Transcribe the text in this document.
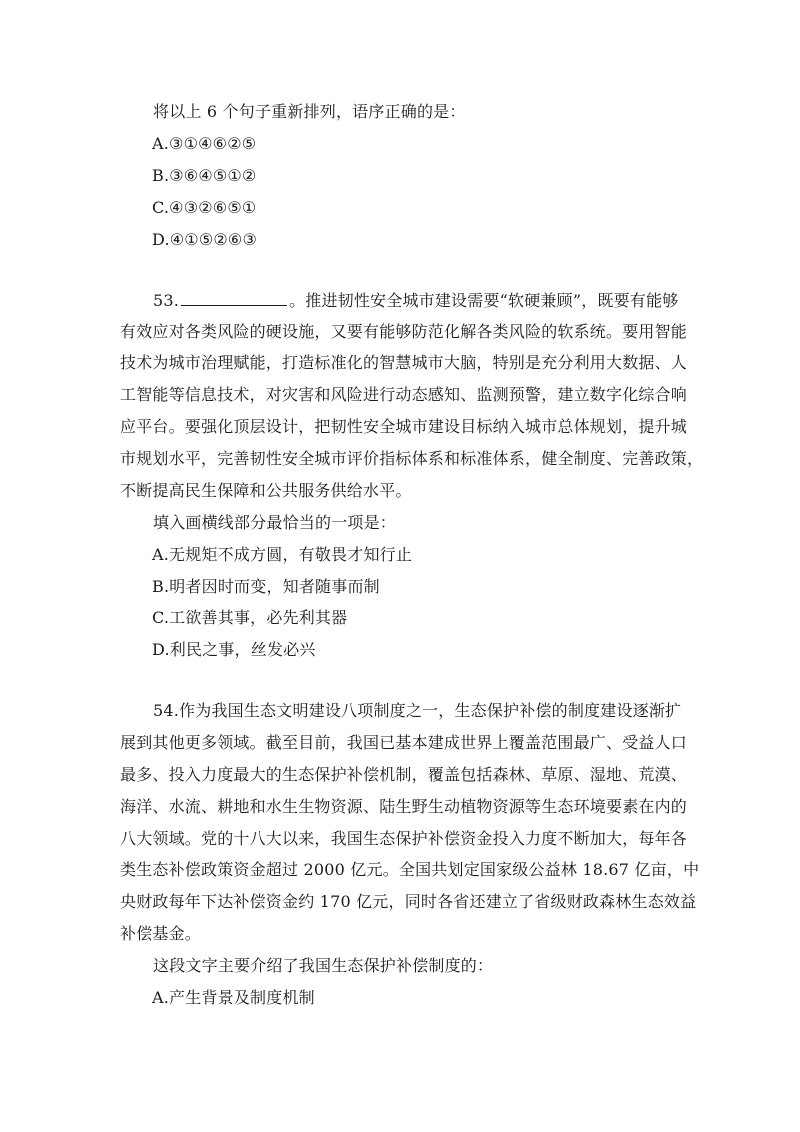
将以上 6 个句子重新排列，语序正确的是：
A.③①④⑥②⑤
B.③⑥④⑤①②
C.④③②⑥⑤①
D.④①⑤②⑥③
53.	。推进韧性安全城市建设需要“软硬兼顾”，既要有能够
有效应对各类风险的硬设施，又要有能够防范化解各类风险的软系统。要用智能
技术为城市治理赋能，打造标准化的智慧城市大脑，特别是充分利用大数据、人
工智能等信息技术，对灾害和风险进行动态感知、监测预警，建立数字化综合响
应平台。要强化顶层设计，把韧性安全城市建设目标纳入城市总体规划，提升城
市规划水平，完善韧性安全城市评价指标体系和标准体系，健全制度、完善政策，
不断提高民生保障和公共服务供给水平。
填入画横线部分最恰当的一项是：
A.无规矩不成方圆，有敬畏才知行止
B.明者因时而变，知者随事而制
C.工欲善其事，必先利其器
D.利民之事，丝发必兴
54.作为我国生态文明建设八项制度之一，生态保护补偿的制度建设逐渐扩
展到其他更多领域。截至目前，我国已基本建成世界上覆盖范围最广、受益人口
最多、投入力度最大的生态保护补偿机制，覆盖包括森林、草原、湿地、荒漠、
海洋、水流、耕地和水生生物资源、陆生野生动植物资源等生态环境要素在内的
八大领域。党的十八大以来，我国生态保护补偿资金投入力度不断加大，每年各
类生态补偿政策资金超过 2000 亿元。全国共划定国家级公益林 18.67 亿亩，中
央财政每年下达补偿资金约 170 亿元，同时各省还建立了省级财政森林生态效益
补偿基金。
这段文字主要介绍了我国生态保护补偿制度的：
A.产生背景及制度机制
